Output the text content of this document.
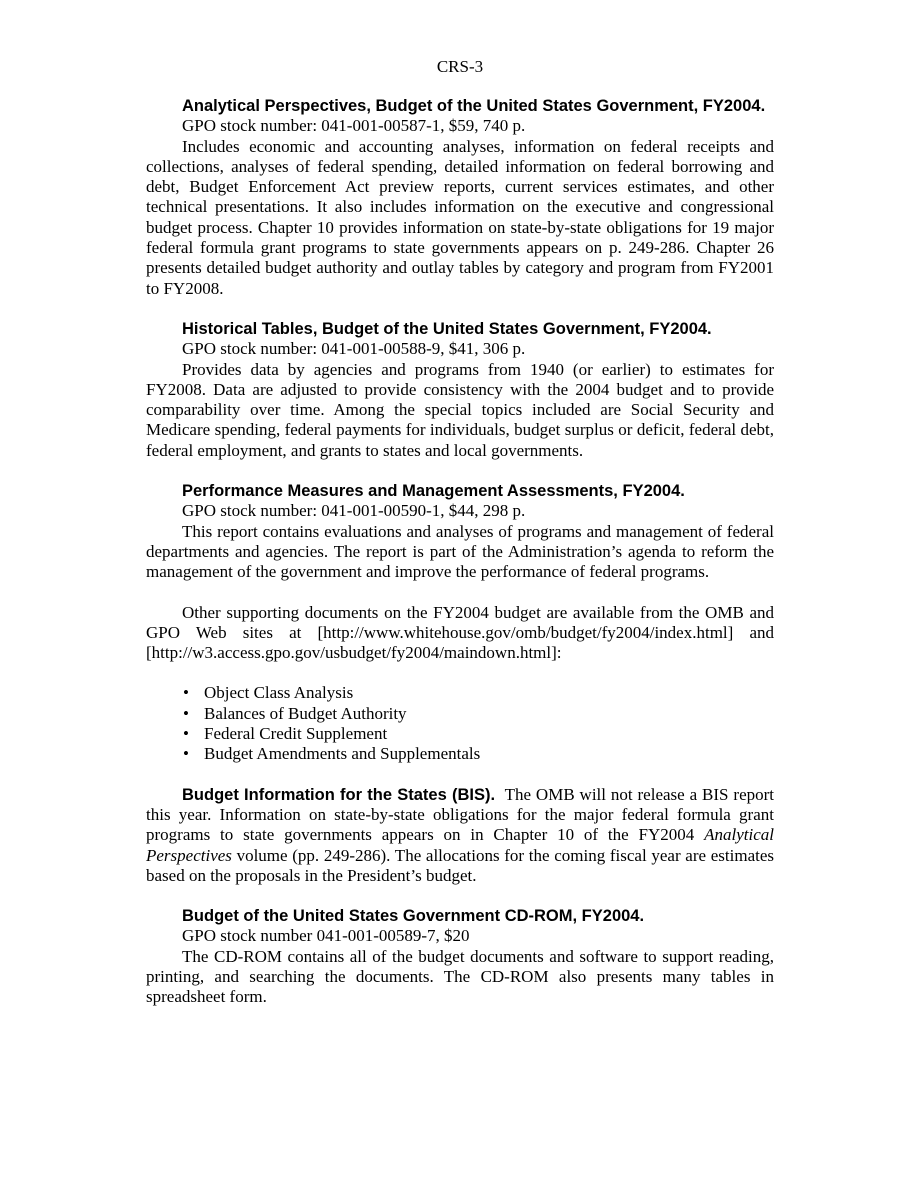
CRS-3
Analytical Perspectives, Budget of the United States Government, FY2004.
GPO stock number: 041-001-00587-1, $59, 740 p.
Includes economic and accounting analyses, information on federal receipts and collections, analyses of federal spending, detailed information on federal borrowing and debt, Budget Enforcement Act preview reports, current services estimates, and other technical presentations. It also includes information on the executive and congressional budget process. Chapter 10 provides information on state-by-state obligations for 19 major federal formula grant programs to state governments appears on p. 249-286. Chapter 26 presents detailed budget authority and outlay tables by category and program from FY2001 to FY2008.
Historical Tables, Budget of the United States Government, FY2004.
GPO stock number: 041-001-00588-9, $41, 306 p.
Provides data by agencies and programs from 1940 (or earlier) to estimates for FY2008. Data are adjusted to provide consistency with the 2004 budget and to provide comparability over time. Among the special topics included are Social Security and Medicare spending, federal payments for individuals, budget surplus or deficit, federal debt, federal employment, and grants to states and local governments.
Performance Measures and Management Assessments, FY2004.
GPO stock number: 041-001-00590-1, $44, 298 p.
This report contains evaluations and analyses of programs and management of federal departments and agencies. The report is part of the Administration’s agenda to reform the management of the government and improve the performance of federal programs.
Other supporting documents on the FY2004 budget are available from the OMB and GPO Web sites at [http://www.whitehouse.gov/omb/budget/fy2004/index.html] and [http://w3.access.gpo.gov/usbudget/fy2004/maindown.html]:
• Object Class Analysis
• Balances of Budget Authority
• Federal Credit Supplement
• Budget Amendments and Supplementals
Budget Information for the States (BIS). The OMB will not release a BIS report this year. Information on state-by-state obligations for the major federal formula grant programs to state governments appears on in Chapter 10 of the FY2004 Analytical Perspectives volume (pp. 249-286). The allocations for the coming fiscal year are estimates based on the proposals in the President’s budget.
Budget of the United States Government CD-ROM, FY2004.
GPO stock number 041-001-00589-7, $20
The CD-ROM contains all of the budget documents and software to support reading, printing, and searching the documents. The CD-ROM also presents many tables in spreadsheet form.
